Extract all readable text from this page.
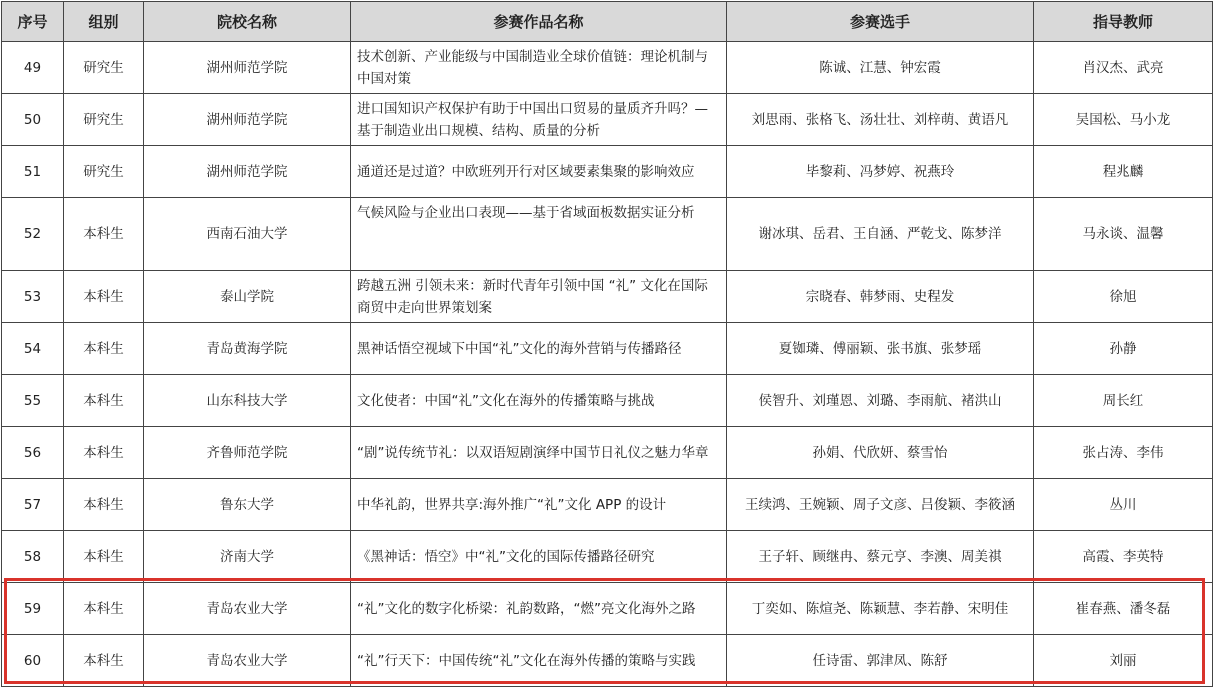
序号	组别	院校名称	参赛作品名称	参赛选手	指导教师
49	研究生	湖州师范学院	技术创新、产业能级与中国制造业全球价值链：理论机制与中国对策	陈诚、江慧、钟宏霞	肖汉杰、武亮
50	研究生	湖州师范学院	进口国知识产权保护有助于中国出口贸易的量质齐升吗？—基于制造业出口规模、结构、质量的分析	刘思雨、张格飞、汤壮壮、刘梓萌、黄语凡	吴国松、马小龙
51	研究生	湖州师范学院	通道还是过道？中欧班列开行对区域要素集聚的影响效应	毕黎莉、冯梦婷、祝燕玲	程兆麟
52	本科生	西南石油大学	气候风险与企业出口表现——基于省域面板数据实证分析	谢冰琪、岳君、王自涵、严乾戈、陈梦洋	马永谈、温馨
53	本科生	泰山学院	跨越五洲 引领未来：新时代青年引领中国 “礼” 文化在国际商贸中走向世界策划案	宗晓春、韩梦雨、史程发	徐旭
54	本科生	青岛黄海学院	黑神话悟空视域下中国“礼”文化的海外营销与传播路径	夏铷璘、傅丽颖、张书旗、张梦瑶	孙静
55	本科生	山东科技大学	文化使者：中国“礼”文化在海外的传播策略与挑战	侯智升、刘瑾恩、刘璐、李雨航、褚洪山	周长红
56	本科生	齐鲁师范学院	“剧”说传统节礼：以双语短剧演绎中国节日礼仪之魅力华章	孙娟、代欣妍、蔡雪怡	张占涛、李伟
57	本科生	鲁东大学	中华礼韵，世界共享:海外推广“礼”文化 APP 的设计	王续鸿、王婉颖、周子文彦、吕俊颖、李筱涵	丛川
58	本科生	济南大学	《黑神话：悟空》中“礼”文化的国际传播路径研究	王子轩、顾继冉、蔡元亨、李澳、周美祺	高霞、李英特
59	本科生	青岛农业大学	“礼”文化的数字化桥梁：礼韵数路，“燃”亮文化海外之路	丁奕如、陈煊尧、陈颖慧、李若静、宋明佳	崔春燕、潘冬磊
60	本科生	青岛农业大学	“礼”行天下：中国传统“礼”文化在海外传播的策略与实践	任诗雷、郭津凤、陈舒	刘丽
